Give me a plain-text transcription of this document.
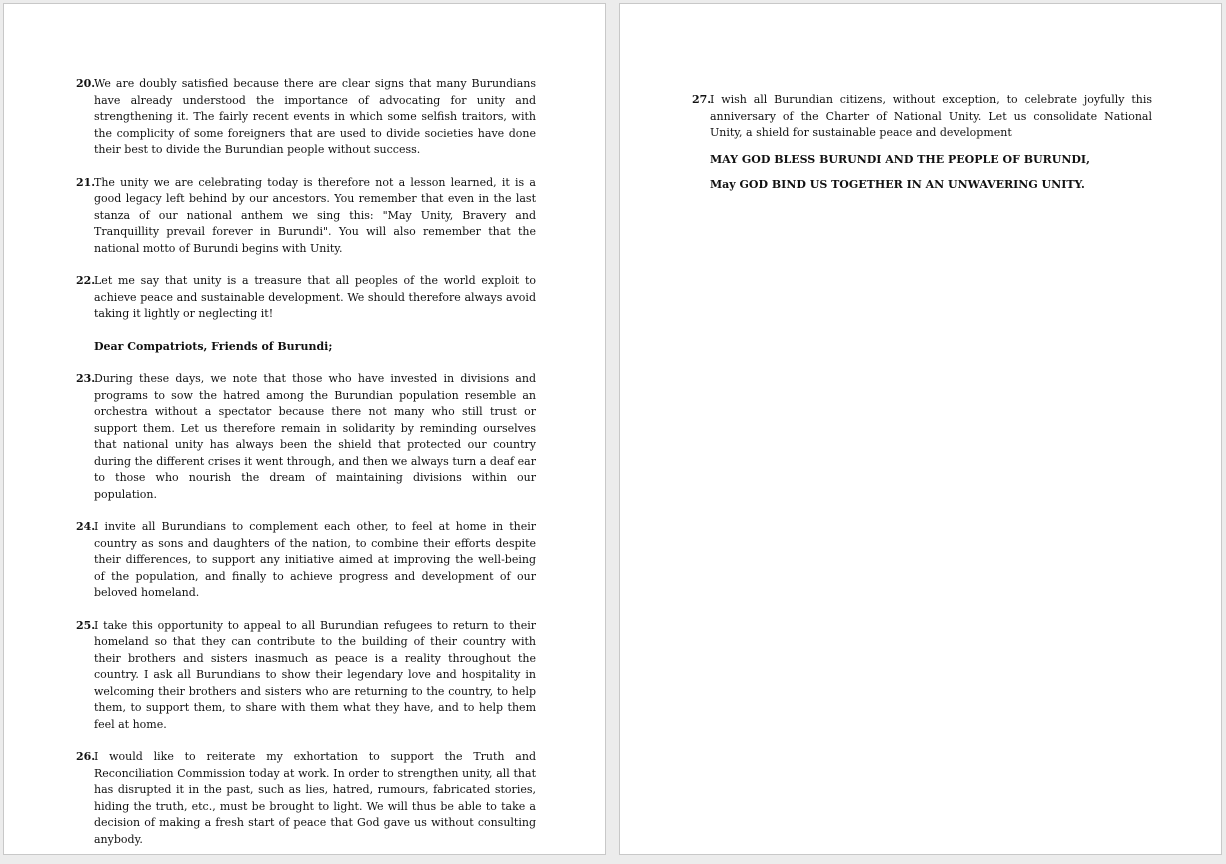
20.
We are doubly satisfied because there are clear signs that many Burundians have already understood the importance of advocating for unity and strengthening it. The fairly recent events in which some selfish traitors, with the complicity of some foreigners that are used to divide societies have done their best to divide the Burundian people without success.
21.
The unity we are celebrating today is therefore not a lesson learned, it is a good legacy left behind by our ancestors. You remember that even in the last stanza of our national anthem we sing this: "May Unity, Bravery and Tranquillity prevail forever in Burundi". You will also remember that the national motto of Burundi begins with Unity.
22.
Let me say that unity is a treasure that all peoples of the world exploit to achieve peace and sustainable development. We should therefore always avoid taking it lightly or neglecting it!
Dear Compatriots, Friends of Burundi;
23.
During these days, we note that those who have invested in divisions and programs to sow the hatred among the Burundian population resemble an orchestra without a spectator because there not many who still trust or support them. Let us therefore remain in solidarity by reminding ourselves that national unity has always been the shield that protected our country during the different crises it went through, and then we always turn a deaf ear to those who nourish the dream of maintaining divisions within our population.
24.
I invite all Burundians to complement each other, to feel at home in their country as sons and daughters of the nation, to combine their efforts despite their differences, to support any initiative aimed at improving the well-being of the population, and finally to achieve progress and development of our beloved homeland.
25.
I take this opportunity to appeal to all Burundian refugees to return to their homeland so that they can contribute to the building of their country with their brothers and sisters inasmuch as peace is a reality throughout the country. I ask all Burundians to show their legendary love and hospitality in welcoming their brothers and sisters who are returning to the country, to help them, to support them, to share with them what they have, and to help them feel at home.
26.
I would like to reiterate my exhortation to support the Truth and Reconciliation Commission today at work. In order to strengthen unity, all that has disrupted it in the past, such as lies, hatred, rumours, fabricated stories, hiding the truth, etc., must be brought to light. We will thus be able to take a decision of making a fresh start of peace that God gave us without consulting anybody.
27.
I wish all Burundian citizens, without exception, to celebrate joyfully this anniversary of the Charter of National Unity. Let us consolidate National Unity, a shield for sustainable peace and development
MAY GOD BLESS BURUNDI AND THE PEOPLE OF BURUNDI,
May GOD BIND US TOGETHER IN AN UNWAVERING UNITY.
